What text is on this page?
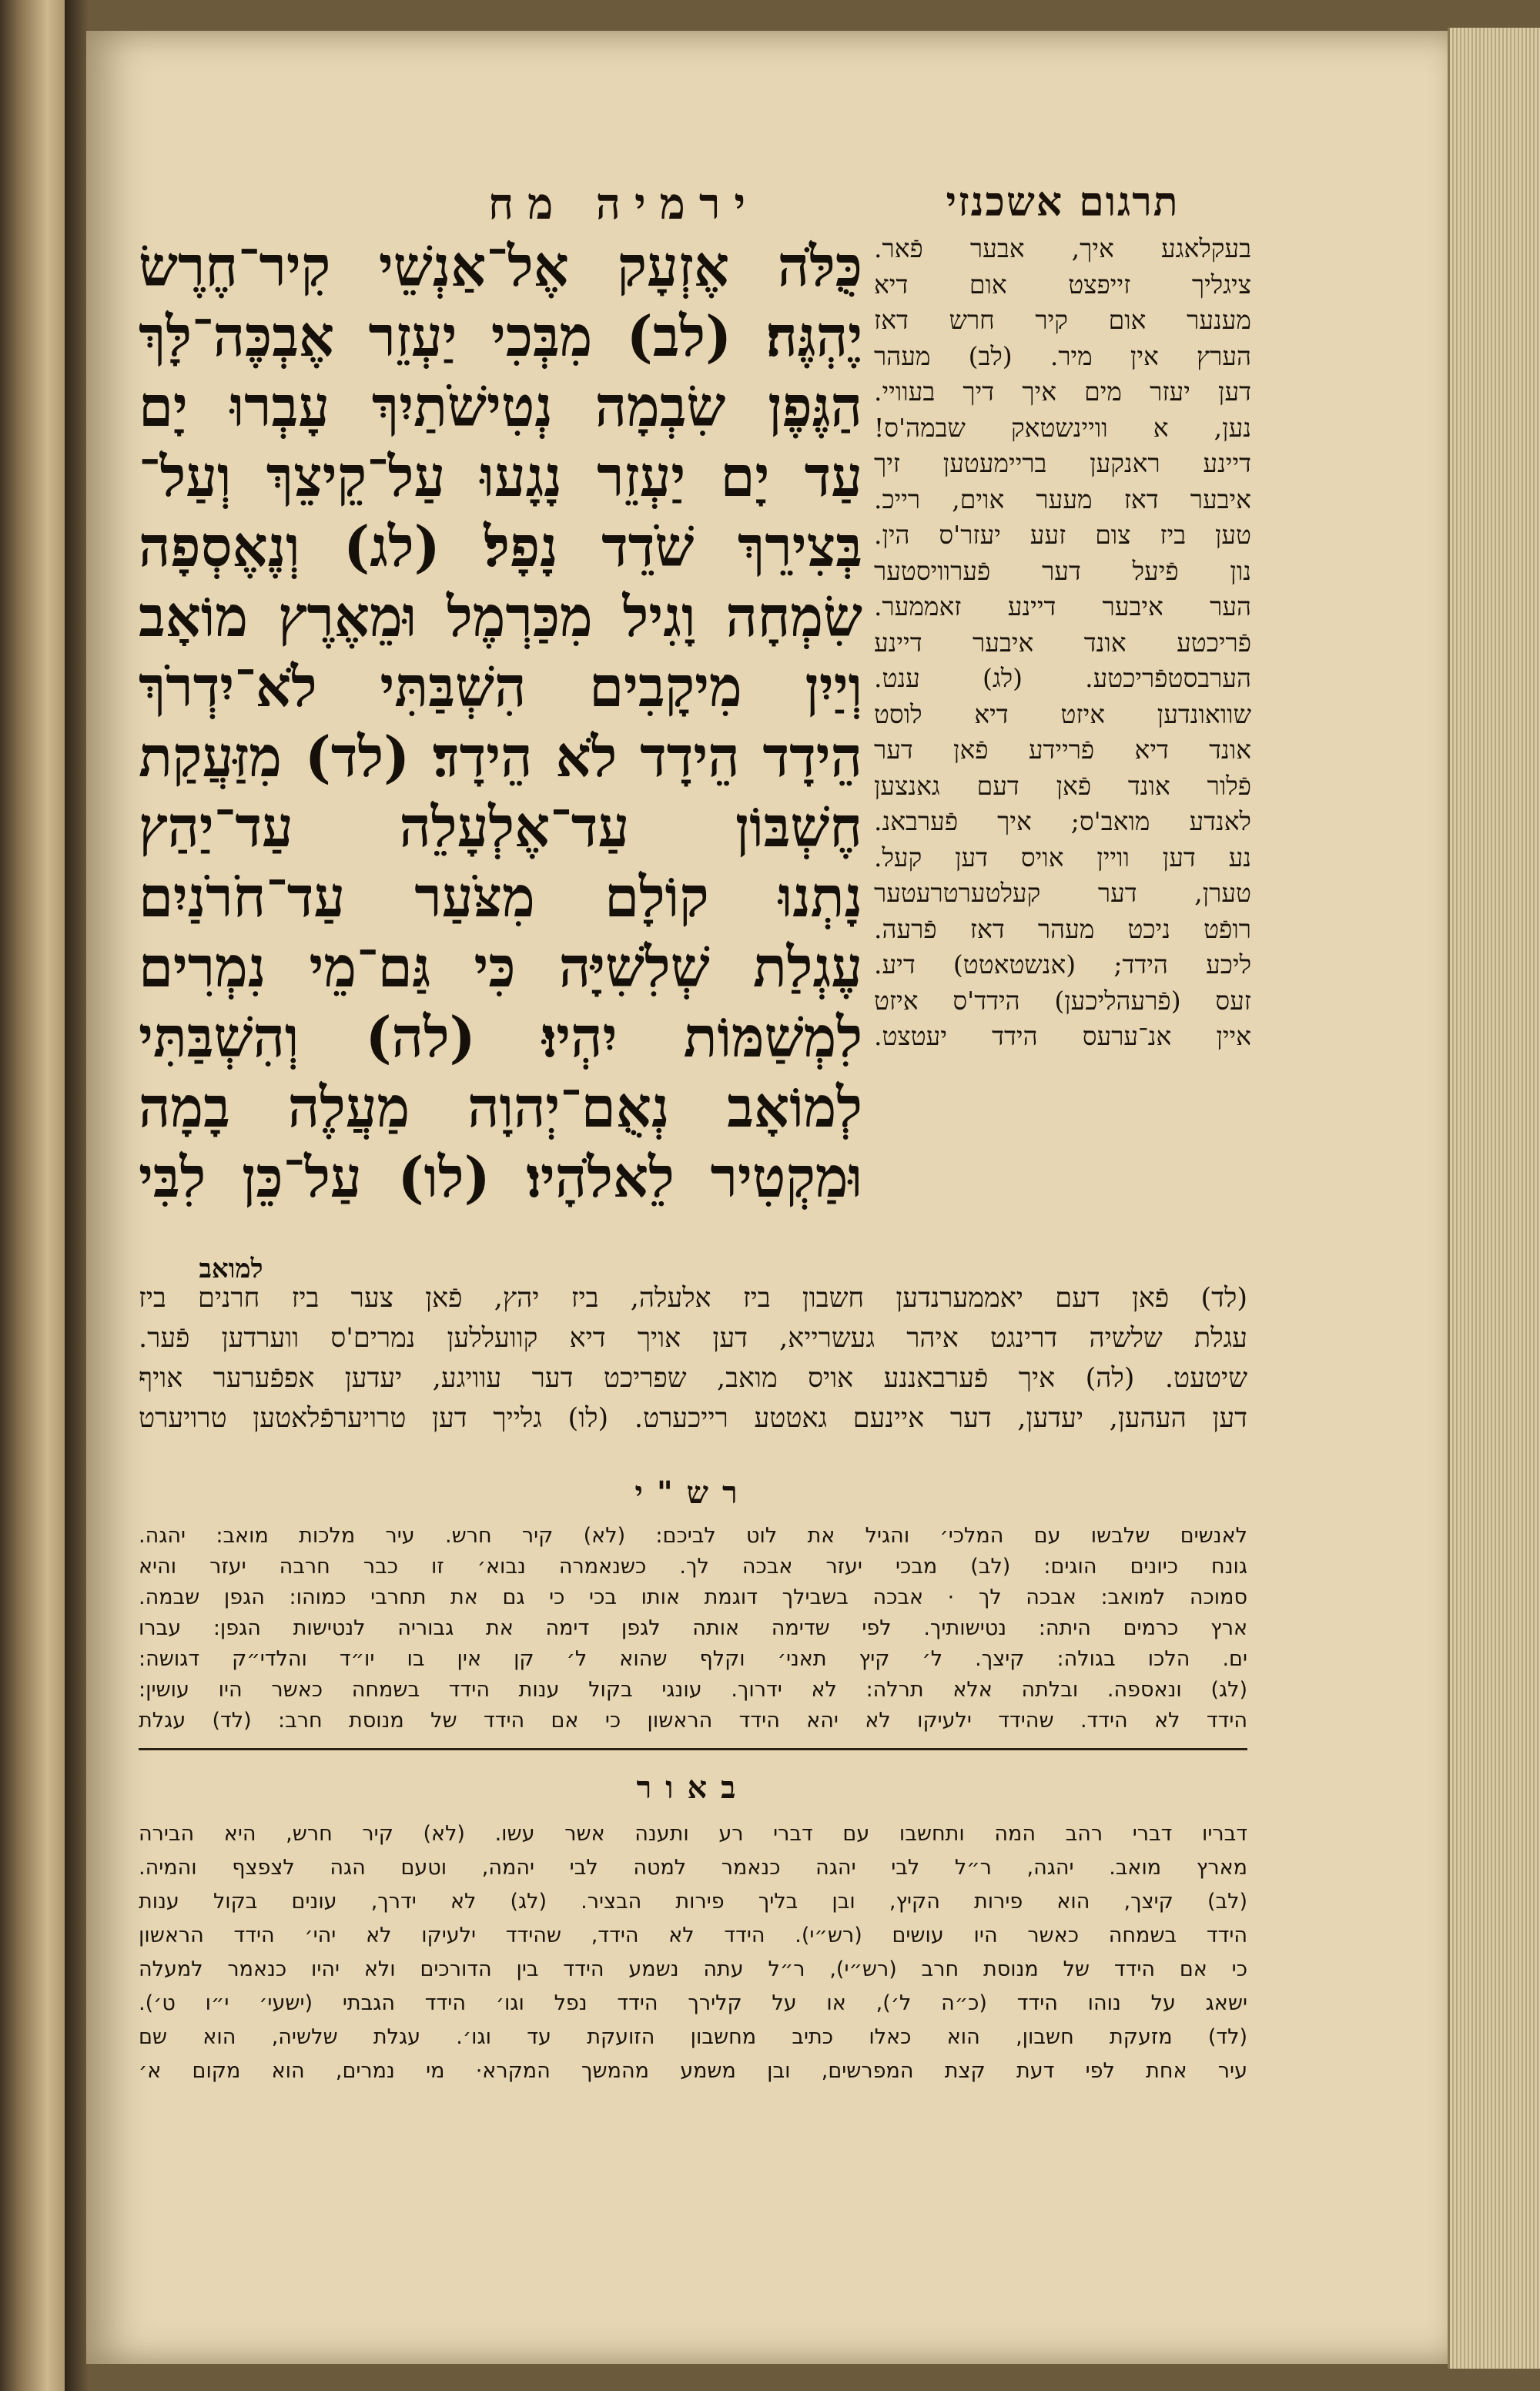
תרגום אשכנזי
ירמיה מח
כֻּלֹּה אֶזְעָק אֶל־אַנְשֵׁי קִיר־חֶרֶשׂ
יֶהְגֶּה׃ (לב) מִבְּכִי יַעְזֵר אֶבְכֶּה־לָּךְ
הַגֶּפֶן שִׂבְמָה נְטִישֹׁתַיִךְ עָבְרוּ יָם
עַד יָם יַעְזֵר נָגָעוּ עַל־קֵיצֵךְ וְעַל־
בְּצִירֵךְ שֹׁדֵד נָפָל׃ (לג) וְנֶאֶסְפָה
שִׂמְחָה וָגִיל מִכַּרְמֶל וּמֵאֶרֶץ מוֹאָב
וְיַיִן מִיקָבִים הִשְׁבַּתִּי לֹא־יִדְרֹךְ
הֵידָד הֵידָד לֹא הֵידָד׃ (לד) מִזַּעֲקַת
חֶשְׁבּוֹן עַד־אֶלְעָלֵה עַד־יַהַץ
נָתְנוּ קוֹלָם מִצֹּעַר עַד־חֹרֹנַיִם
עֶגְלַת שְׁלִשִׁיָּה כִּי גַּם־מֵי נִמְרִים
לִמְשַׁמּוֹת יִהְיוּ׃ (לה) וְהִשְׁבַּתִּי
לְמוֹאָב נְאֻם־יְהוָה מַעֲלֶה בָמָה
וּמַקְטִיר לֵאלֹהָיו׃ (לו) עַל־כֵּן לִבִּי
למואב
בעקלאגע איך, אבער פֿאר.
ציגליך זייפצט אום דיא
מענער אום קיר חרש דאז
הערץ אין מיר. (לב) מעהר
דען יעזר מים איך דיך בעוויי.
נען, א וויינשטאק שבמה'ס!
דיינע ראנקען בריימעטען זיך
איבער דאז מעער אוים, רייכ.
טען ביז צום זעע יעזר'ס הין.
נון פֿיעל דער פֿערוויסטער
הער איבער דיינע זאממער.
פֿריכטע אונד איבער דיינע
הערבסטפֿריכטע. (לג) ענט.
שוואונדען איזט דיא לוסט
אונד דיא פֿריידע פֿאן דער
פֿלור אונד פֿאן דעם גאנצען
לאנדע מואב'ס; איך פֿערבאנ.
נע דען וויין אויס דען קעל.
טערן, דער קעלטערטרעטער
רופֿט ניכט מעהר דאז פֿרעה.
ליכע הידד; (אנשטאטט) דיע.
זעס (פֿרעהליכען) הידד'ס איזט
איין אנ־ערעס הידד יעטצט.
(לד) פֿאן דעם יאממערנדען חשבון ביז אלעלה, ביז יהץ, פֿאן צער ביז חרנים ביז
עגלת שלשיה דרינגט איהר געשרייא, דען אויך דיא קוועללען נמרים'ס ווערדען פֿער.
שיטעט. (לה) איך פֿערבאננע אויס מואב, שפריכט דער עוויגע, יעדען אפפֿערער אויף
דען העהען, יעדען, דער איינעם גאטטע רייכערט. (לו) גלייך דען טרויערפֿלאטען טרויערט
רש"י
לאנשים שלבשו עם המלכי׳ והגיל את לוט לביכם: (לא) קיר חרש. עיר מלכות מואב: יהגה.
גונח כיונים הוגים: (לב) מבכי יעזר אבכה לך. כשנאמרה נבוא׳ זו כבר חרבה יעזר והיא
סמוכה למואב: אבכה לך · אבכה בשבילך דוגמת אותו בכי כי גם את תחרבי כמוהו: הגפן שבמה.
ארץ כרמים היתה: נטישותיך. לפי שדימה אותה לגפן דימה את גבוריה לנטישות הגפן: עברו
ים. הלכו בגולה: קיצך. ל׳ קיץ תאני׳ וקלף שהוא ל׳ קן אין בו יו״ד והלדי״ק דגושה:
(לג) ונאספה. ובלתה אלא תרלה: לא ידרוך. עונגי בקול ענות הידד בשמחה כאשר היו עושין:
הידד לא הידד. שהידד ילעיקו לא יהא הידד הראשון כי אם הידד של מנוסת חרב: (לד) עגלת
באור
דבריו דברי רהב המה ותחשבו עם דברי רע ותענה אשר עשו. (לא) קיר חרש, היא הבירה
מארץ מואב. יהגה, ר״ל לבי יהגה כנאמר למטה לבי יהמה, וטעם הגה לצפצף והמיה.
(לב) קיצך, הוא פירות הקיץ, ובן בליך פירות הבציר. (לג) לא ידרך, עונים בקול ענות
הידד בשמחה כאשר היו עושים (רש״י). הידד לא הידד, שהידד ילעיקו לא יהי׳ הידד הראשון
כי אם הידד של מנוסת חרב (רש״י), ר״ל עתה נשמע הידד בין הדורכים ולא יהיו כנאמר למעלה
ישאג על נוהו הידד (כ״ה ל׳), או על קלירך הידד נפל וגו׳ הידד הגבתי (ישעי׳ י״ו ט׳).
(לד) מזעקת חשבון, הוא כאלו כתיב מחשבון הזועקת עד וגו׳. עגלת שלשיה, הוא שם
עיר אחת לפי דעת קצת המפרשים, ובן משמע מהמשך המקרא· מי נמרים, הוא מקום א׳
